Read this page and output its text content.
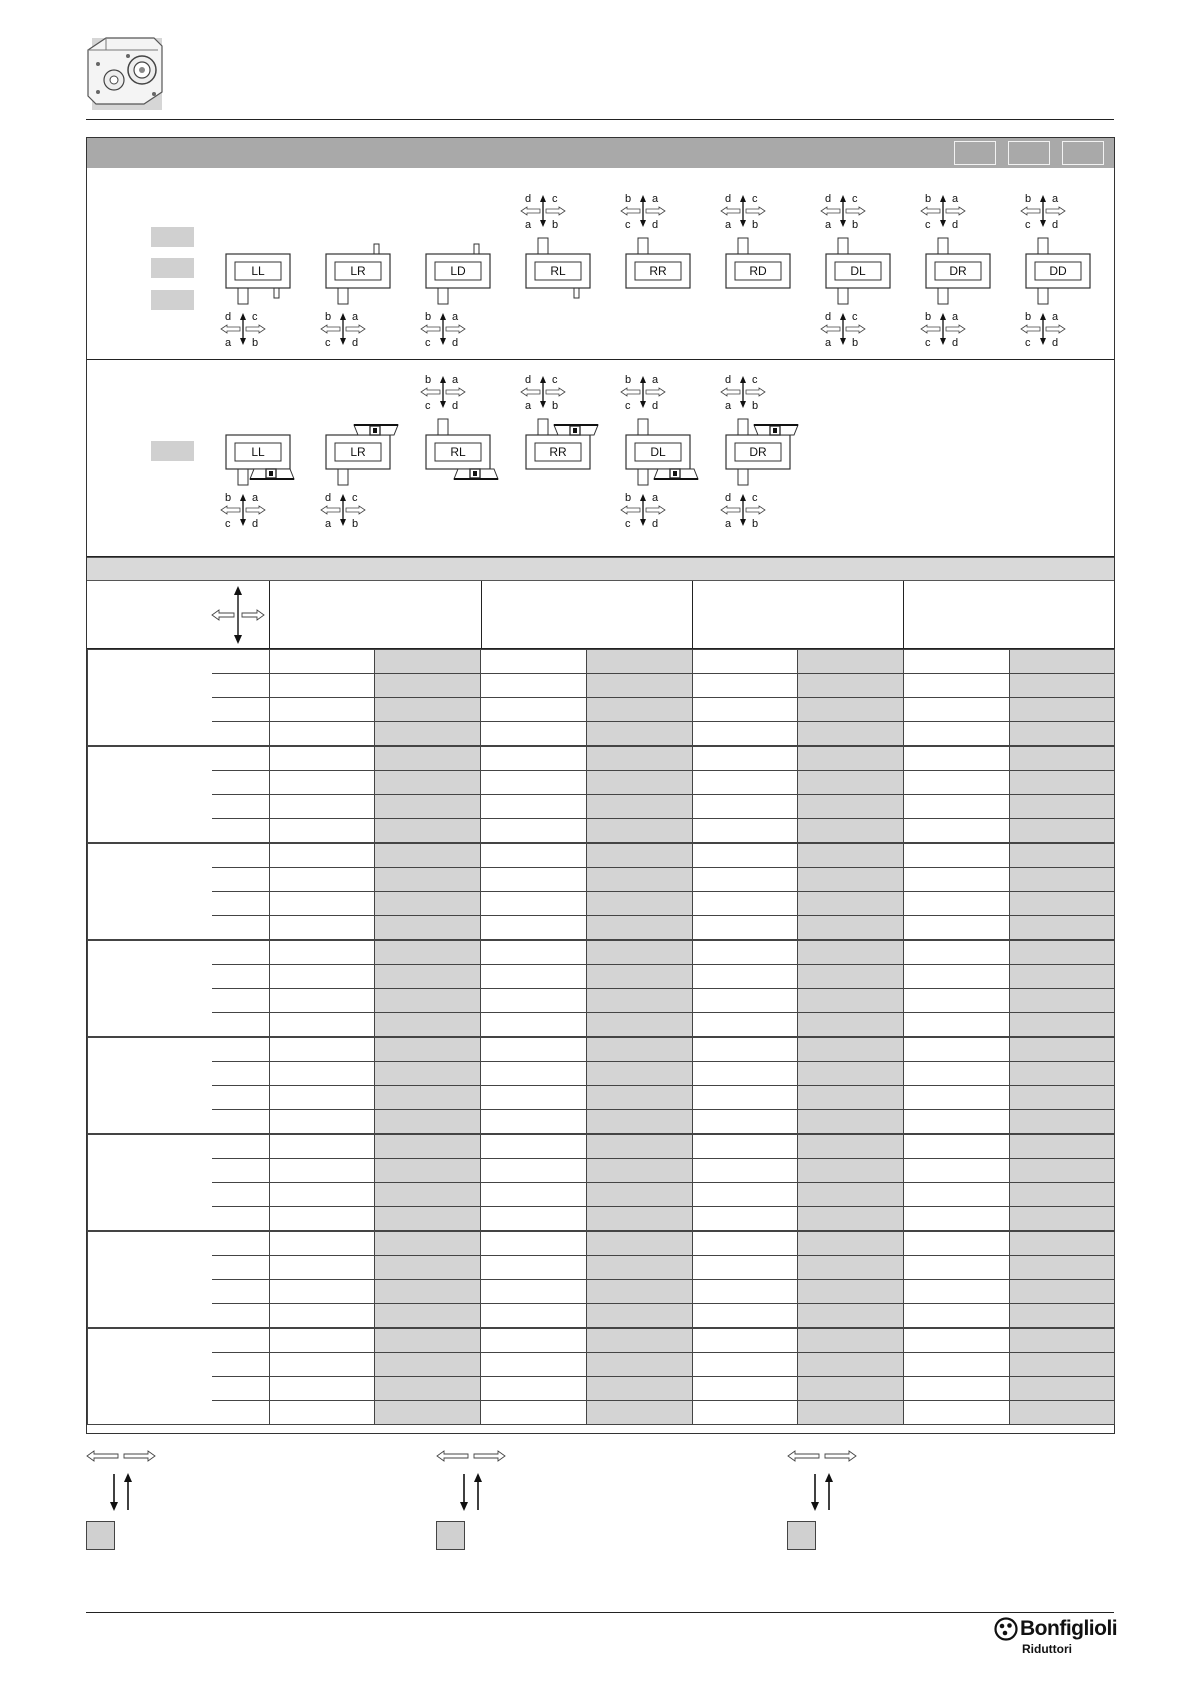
LL	LR	LD	RL	RR	RD	DL	DR	DD
d c
a b
b a
c d
d c
a b
d c
a b
b a
c d
b a
c d
d c
a b
b a
c d
b a
c d
d c
a b
b a
c d
b a
c d
LL	LR	RL	RR	DL	DR
b a
c d
d c
a b
b a
c d
d c
a b
b a
c d
d c
a b
b a
c d
d c
a b

Bonfiglioli
Riduttori
